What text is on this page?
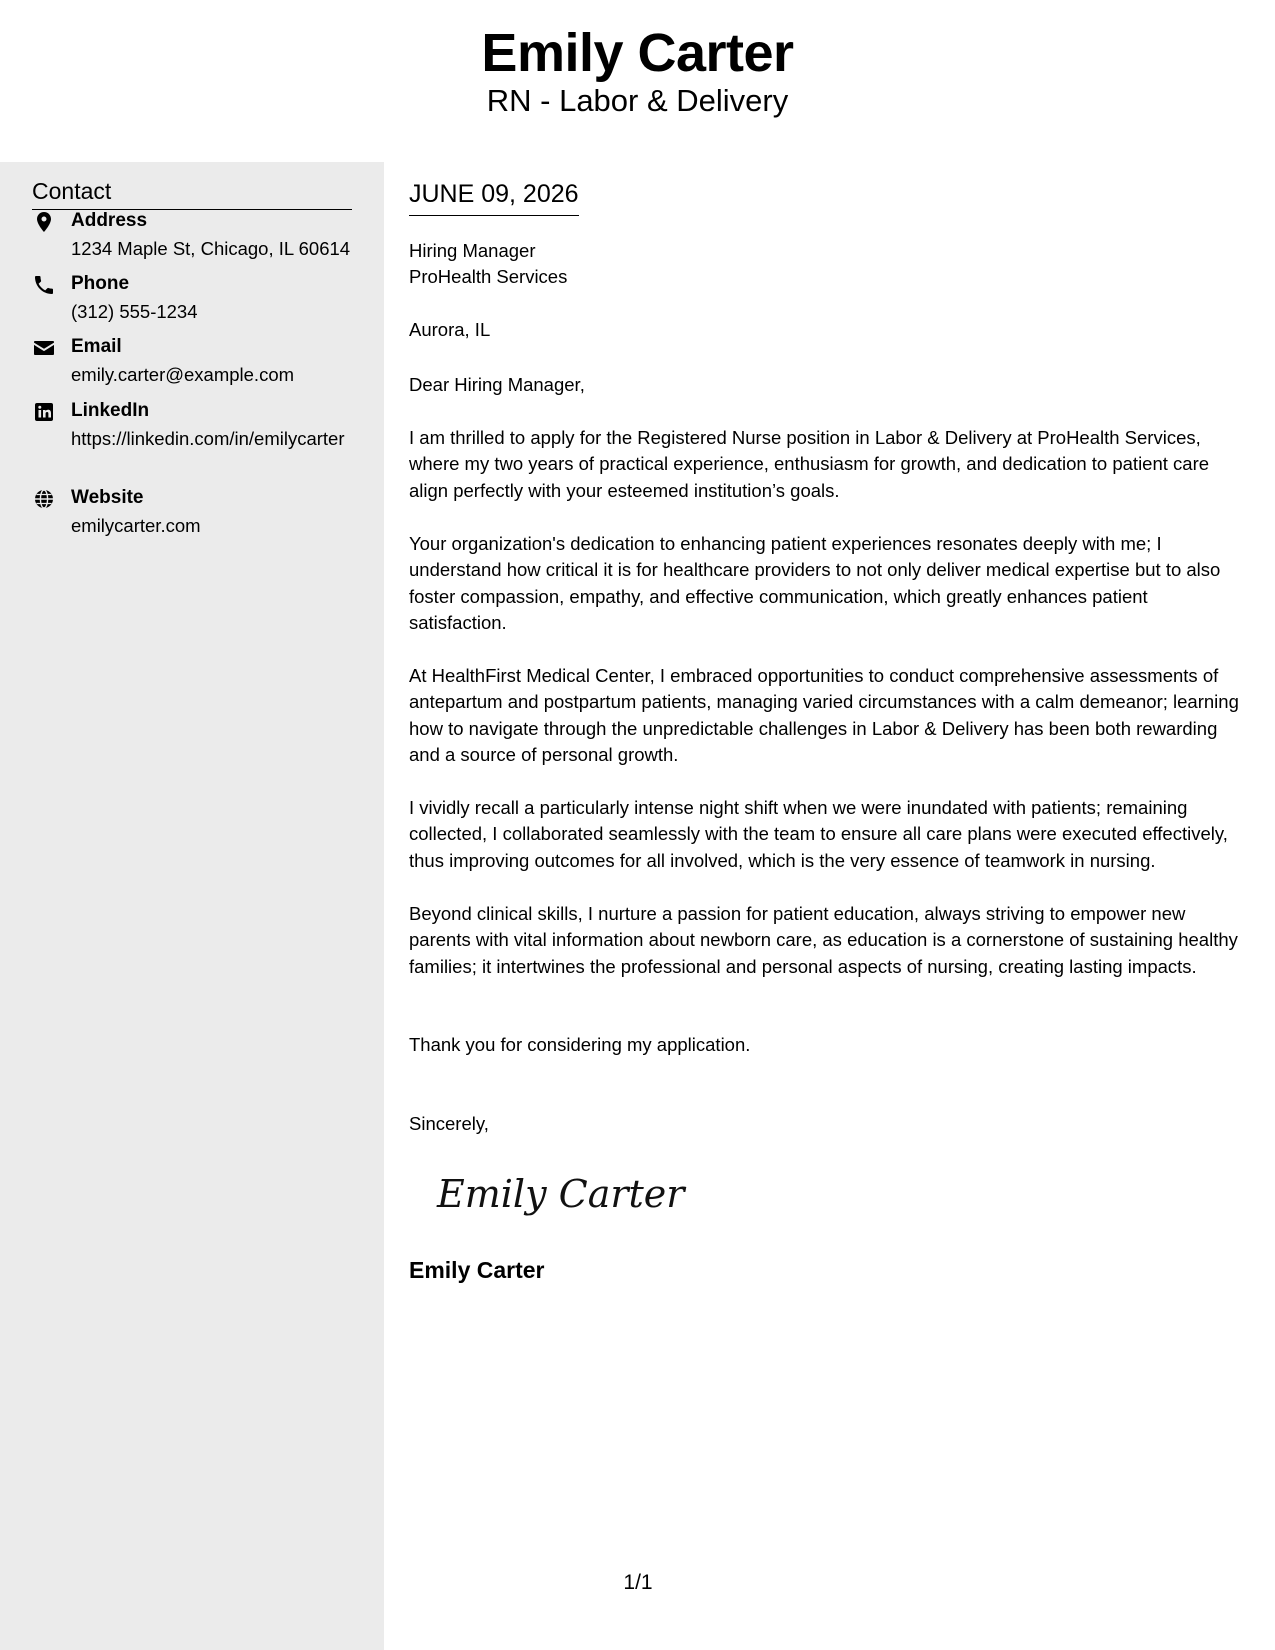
Emily Carter
RN - Labor & Delivery
Contact
Address
1234 Maple St, Chicago, IL 60614
Phone
(312) 555-1234
Email
emily.carter@example.com
LinkedIn
https://linkedin.com/in/emilycarter
Website
emilycarter.com
JUNE 09, 2026
Hiring Manager
ProHealth Services
Aurora, IL
Dear Hiring Manager,
I am thrilled to apply for the Registered Nurse position in Labor & Delivery at ProHealth Services, where my two years of practical experience, enthusiasm for growth, and dedication to patient care align perfectly with your esteemed institution’s goals.
Your organization's dedication to enhancing patient experiences resonates deeply with me; I understand how critical it is for healthcare providers to not only deliver medical expertise but to also foster compassion, empathy, and effective communication, which greatly enhances patient satisfaction.
At HealthFirst Medical Center, I embraced opportunities to conduct comprehensive assessments of antepartum and postpartum patients, managing varied circumstances with a calm demeanor; learning how to navigate through the unpredictable challenges in Labor & Delivery has been both rewarding and a source of personal growth.
I vividly recall a particularly intense night shift when we were inundated with patients; remaining collected, I collaborated seamlessly with the team to ensure all care plans were executed effectively, thus improving outcomes for all involved, which is the very essence of teamwork in nursing.
Beyond clinical skills, I nurture a passion for patient education, always striving to empower new parents with vital information about newborn care, as education is a cornerstone of sustaining healthy families; it intertwines the professional and personal aspects of nursing, creating lasting impacts.
Thank you for considering my application.
Sincerely,
Emily Carter
Emily Carter
1/1
